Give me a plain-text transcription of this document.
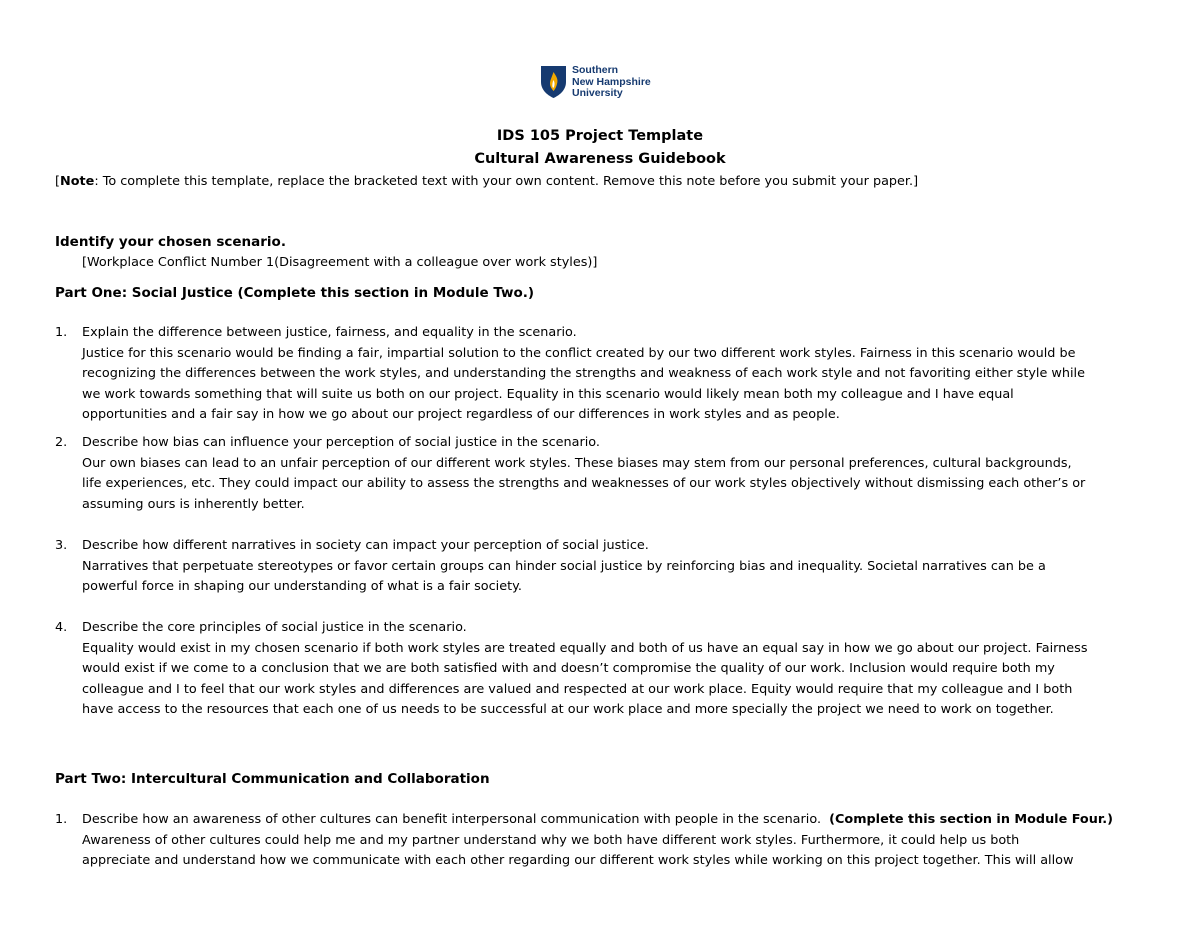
Southern
New Hampshire
University
IDS 105 Project Template
Cultural Awareness Guidebook
[Note: To complete this template, replace the bracketed text with your own content. Remove this note before you submit your paper.]
Identify your chosen scenario.
[Workplace Conflict Number 1(Disagreement with a colleague over work styles)]
Part One: Social Justice (Complete this section in Module Two.)
1. Explain the difference between justice, fairness, and equality in the scenario.
Justice for this scenario would be finding a fair, impartial solution to the conflict created by our two different work styles. Fairness in this scenario would be
recognizing the differences between the work styles, and understanding the strengths and weakness of each work style and not favoriting either style while
we work towards something that will suite us both on our project. Equality in this scenario would likely mean both my colleague and I have equal
opportunities and a fair say in how we go about our project regardless of our differences in work styles and as people.
2. Describe how bias can influence your perception of social justice in the scenario.
Our own biases can lead to an unfair perception of our different work styles. These biases may stem from our personal preferences, cultural backgrounds,
life experiences, etc. They could impact our ability to assess the strengths and weaknesses of our work styles objectively without dismissing each other’s or
assuming ours is inherently better.
3. Describe how different narratives in society can impact your perception of social justice.
Narratives that perpetuate stereotypes or favor certain groups can hinder social justice by reinforcing bias and inequality. Societal narratives can be a
powerful force in shaping our understanding of what is a fair society.
4. Describe the core principles of social justice in the scenario.
Equality would exist in my chosen scenario if both work styles are treated equally and both of us have an equal say in how we go about our project. Fairness
would exist if we come to a conclusion that we are both satisfied with and doesn’t compromise the quality of our work. Inclusion would require both my
colleague and I to feel that our work styles and differences are valued and respected at our work place. Equity would require that my colleague and I both
have access to the resources that each one of us needs to be successful at our work place and more specially the project we need to work on together.
Part Two: Intercultural Communication and Collaboration
1. Describe how an awareness of other cultures can benefit interpersonal communication with people in the scenario. (Complete this section in Module Four.)
Awareness of other cultures could help me and my partner understand why we both have different work styles. Furthermore, it could help us both
appreciate and understand how we communicate with each other regarding our different work styles while working on this project together. This will allow
